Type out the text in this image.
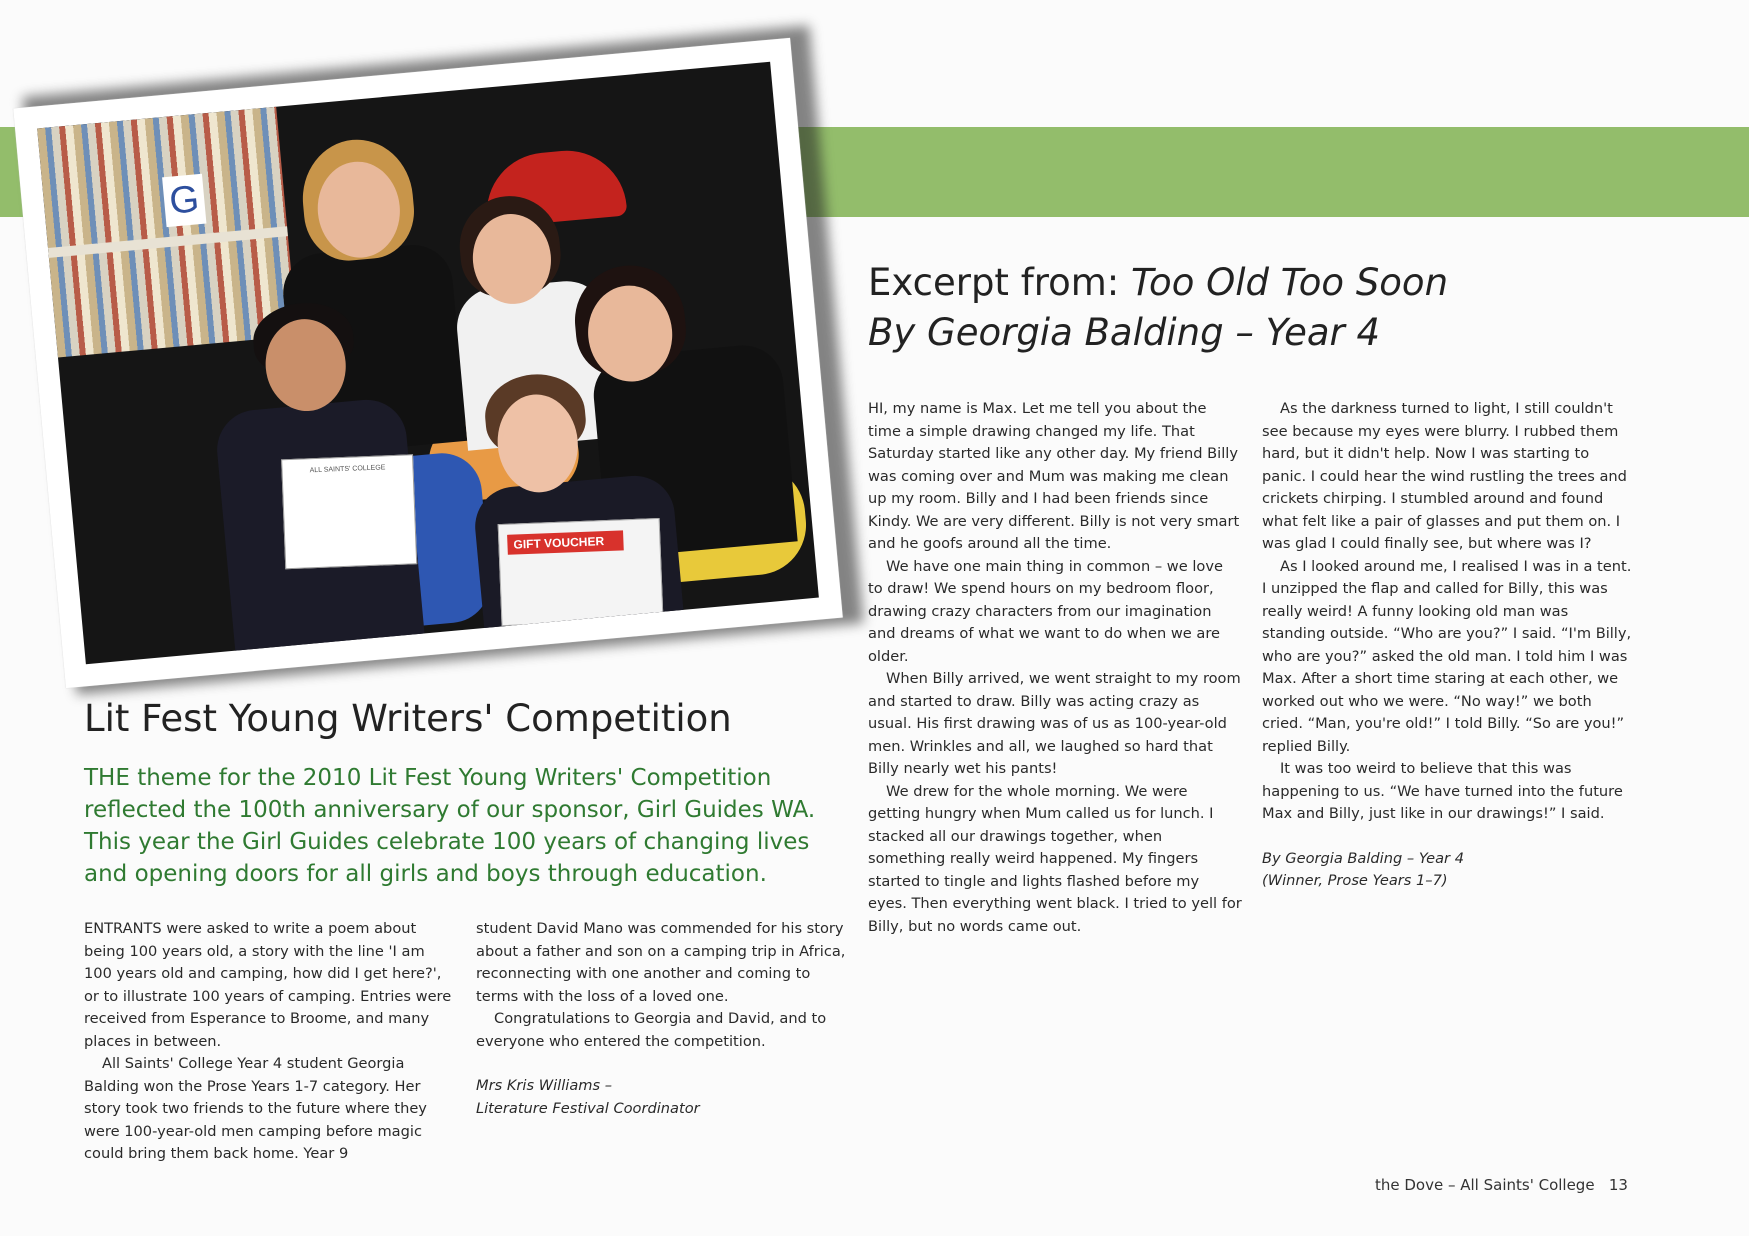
G
ALL SAINTS' COLLEGE
GIFT VOUCHER
Excerpt from: Too Old Too Soon
By Georgia Balding – Year 4

HI, my name is Max. Let me tell you about the time a simple drawing changed my life. That Saturday started like any other day. My friend Billy was coming over and Mum was making me clean up my room. Billy and I had been friends since Kindy. We are very different. Billy is not very smart and he goofs around all the time.

We have one main thing in common – we love to draw! We spend hours on my bedroom floor, drawing crazy characters from our imagination and dreams of what we want to do when we are older.

When Billy arrived, we went straight to my room and started to draw. Billy was acting crazy as usual. His first drawing was of us as 100-year-old men. Wrinkles and all, we laughed so hard that Billy nearly wet his pants!

We drew for the whole morning. We were getting hungry when Mum called us for lunch. I stacked all our drawings together, when something really weird happened. My fingers started to tingle and lights flashed before my eyes. Then everything went black. I tried to yell for Billy, but no words came out.

As the darkness turned to light, I still couldn't see because my eyes were blurry. I rubbed them hard, but it didn't help. Now I was starting to panic. I could hear the wind rustling the trees and crickets chirping. I stumbled around and found what felt like a pair of glasses and put them on. I was glad I could finally see, but where was I?

As I looked around me, I realised I was in a tent. I unzipped the flap and called for Billy, this was really weird! A funny looking old man was standing outside. “Who are you?” I said. “I'm Billy, who are you?” asked the old man. I told him I was Max. After a short time staring at each other, we worked out who we were. “No way!” we both cried. “Man, you're old!” I told Billy. “So are you!” replied Billy.

It was too weird to believe that this was happening to us. “We have turned into the future Max and Billy, just like in our drawings!” I said.

By Georgia Balding – Year 4

(Winner, Prose Years 1–7)

Lit Fest Young Writers' Competition

THE theme for the 2010 Lit Fest Young Writers' Competition reflected the 100th anniversary of our sponsor, Girl Guides WA. This year the Girl Guides celebrate 100 years of changing lives and opening doors for all girls and boys through education.

ENTRANTS were asked to write a poem about being 100 years old, a story with the line 'I am 100 years old and camping, how did I get here?', or to illustrate 100 years of camping. Entries were received from Esperance to Broome, and many places in between.

All Saints' College Year 4 student Georgia Balding won the Prose Years 1-7 category. Her story took two friends to the future where they were 100-year-old men camping before magic could bring them back home. Year 9

student David Mano was commended for his story about a father and son on a camping trip in Africa, reconnecting with one another and coming to terms with the loss of a loved one.

Congratulations to Georgia and David, and to everyone who entered the competition.

Mrs Kris Williams –

Literature Festival Coordinator

the Dove – All Saints' College 13
